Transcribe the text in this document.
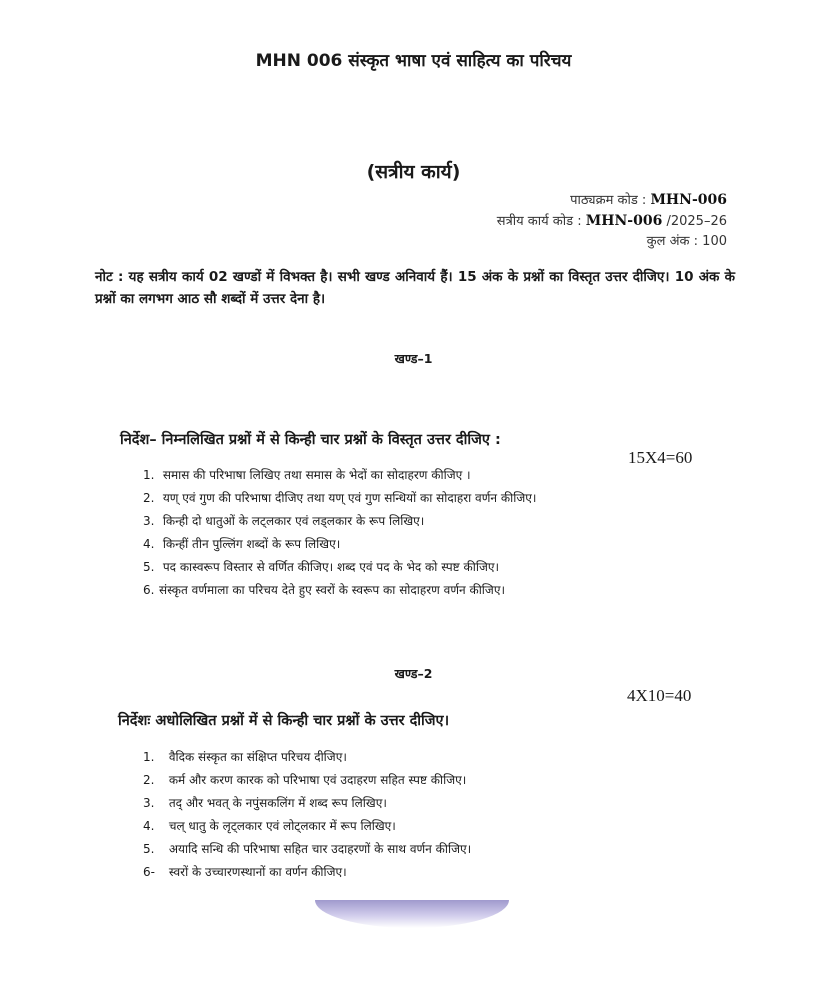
MHN 006 संस्कृत भाषा एवं साहित्य का परिचय
(सत्रीय कार्य)
पाठ्यक्रम कोड : MHN-006
सत्रीय कार्य कोड : MHN-006 /2025–26
कुल अंक : 100
नोट : यह सत्रीय कार्य 02 खण्डों में विभक्त है। सभी खण्ड अनिवार्य हैं। 15 अंक के प्रश्नों का विस्तृत उत्तर दीजिए। 10 अंक के प्रश्नों का लगभग आठ सौ शब्दों में उत्तर देना है।
खण्ड–1
निर्देश– निम्नलिखित प्रश्नों में से किन्ही चार प्रश्नों के विस्तृत उत्तर दीजिए :
15X4=60
1. समास की परिभाषा लिखिए तथा समास के भेदों का सोदाहरण कीजिए ।
2. यण् एवं गुण की परिभाषा दीजिए तथा यण् एवं गुण सन्धियों का सोदाहरा वर्णन कीजिए।
3. किन्ही दो धातुओं के लट्लकार एवं लड्लकार के रूप लिखिए।
4. किन्हीं तीन पुल्लिंग शब्दों के रूप लिखिए।
5. पद कास्वरूप विस्तार से वर्णित कीजिए। शब्द एवं पद के भेद को स्पष्ट कीजिए।
6. संस्कृत वर्णमाला का परिचय देते हुए स्वरों के स्वरूप का सोदाहरण वर्णन कीजिए।
खण्ड–2
4X10=40
निर्देशः अधोलिखित प्रश्नों में से किन्ही चार प्रश्नों के उत्तर दीजिए।
1. वैदिक संस्कृत का संक्षिप्त परिचय दीजिए।
2. कर्म और करण कारक को परिभाषा एवं उदाहरण सहित स्पष्ट कीजिए।
3. तद् और भवत् के नपुंसकलिंग में शब्द रूप लिखिए।
4. चल् धातु के लृट्लकार एवं लोट्लकार में रूप लिखिए।
5. अयादि सन्धि की परिभाषा सहित चार उदाहरणों के साथ वर्णन कीजिए।
6- स्वरों के उच्चारणस्थानों का वर्णन कीजिए।
